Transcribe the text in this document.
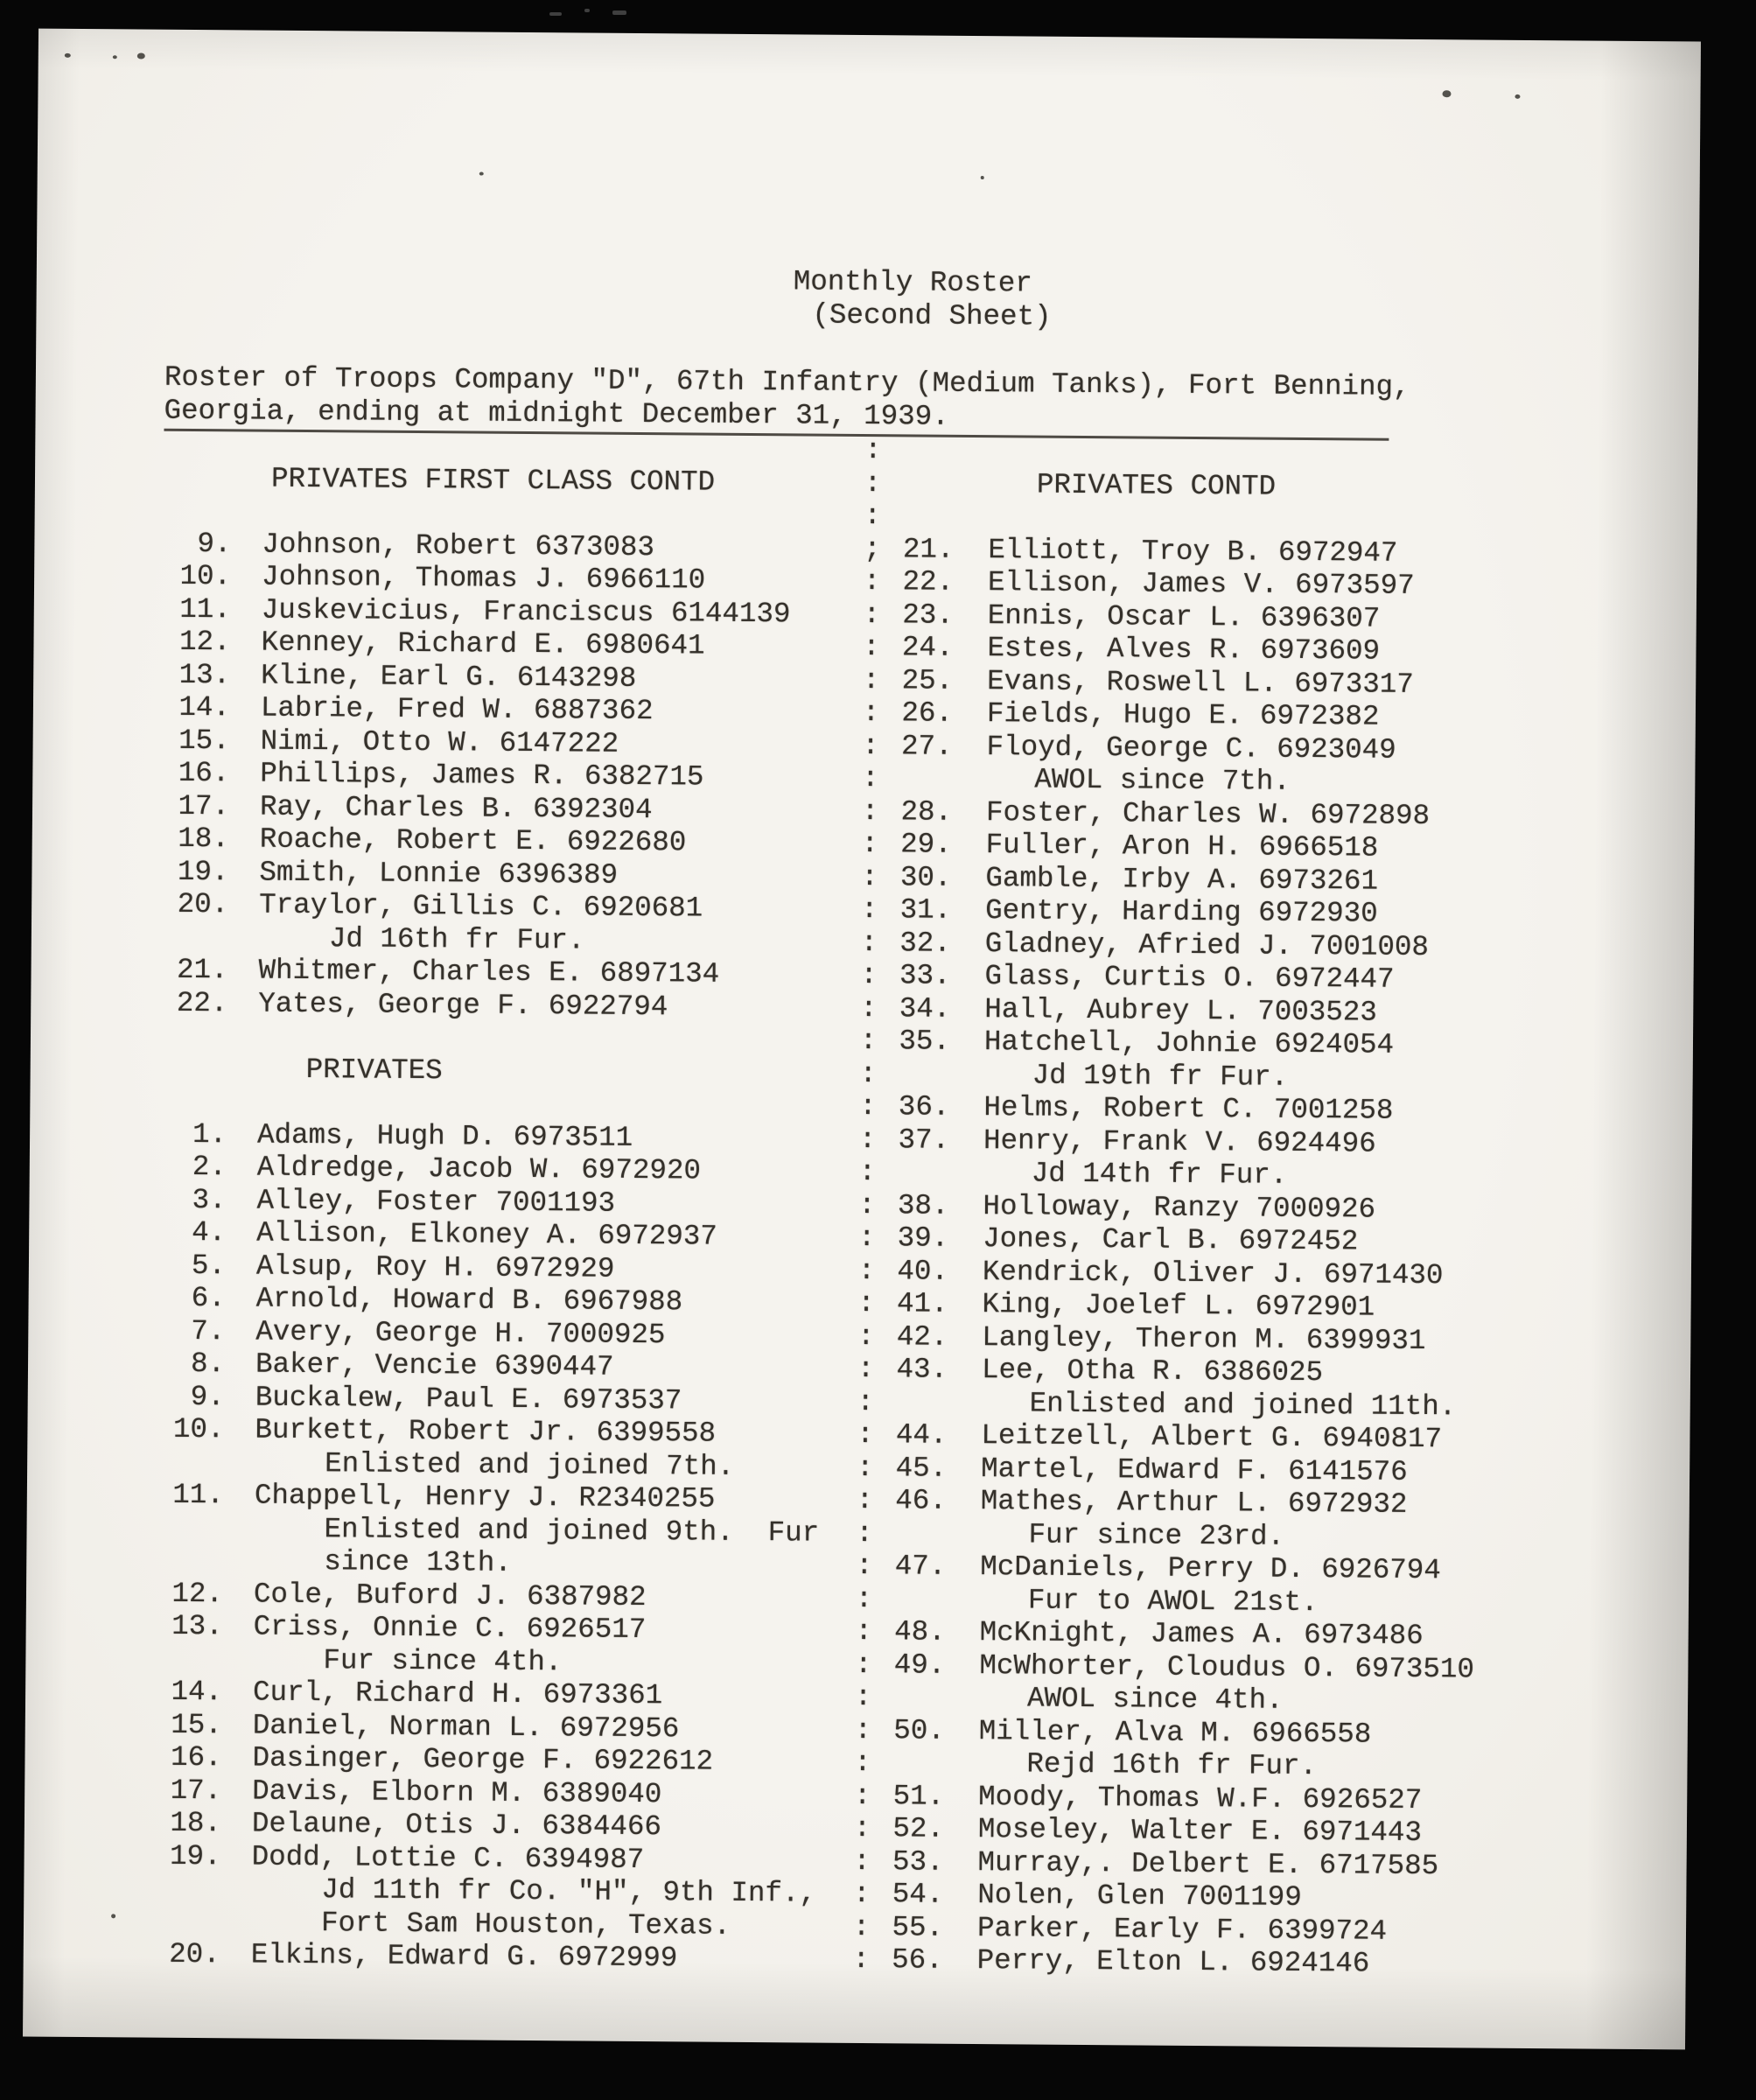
Monthly Roster
(Second Sheet)
Roster of Troops Company "D", 67th Infantry (Medium Tanks), Fort Benning,
Georgia, ending at midnight December 31, 1939.
:
PRIVATES FIRST CLASS CONTD	:	PRIVATES CONTD
:
9. Johnson, Robert 6373083	; 21. Elliott, Troy B. 6972947
10. Johnson, Thomas J. 6966110	: 22. Ellison, James V. 6973597
11. Juskevicius, Franciscus 6144139	: 23. Ennis, Oscar L. 6396307
12. Kenney, Richard E. 6980641	: 24. Estes, Alves R. 6973609
13. Kline, Earl G. 6143298	: 25. Evans, Roswell L. 6973317
14. Labrie, Fred W. 6887362	: 26. Fields, Hugo E. 6972382
15. Nimi, Otto W. 6147222	: 27. Floyd, George C. 6923049
16. Phillips, James R. 6382715	:	AWOL since 7th.
17. Ray, Charles B. 6392304	: 28. Foster, Charles W. 6972898
18. Roache, Robert E. 6922680	: 29. Fuller, Aron H. 6966518
19. Smith, Lonnie 6396389	: 30. Gamble, Irby A. 6973261
20. Traylor, Gillis C. 6920681	: 31. Gentry, Harding 6972930
Jd 16th fr Fur.	: 32. Gladney, Afried J. 7001008
21. Whitmer, Charles E. 6897134	: 33. Glass, Curtis O. 6972447
22. Yates, George F. 6922794	: 34. Hall, Aubrey L. 7003523
: 35. Hatchell, Johnie 6924054
PRIVATES	:	Jd 19th fr Fur.
: 36. Helms, Robert C. 7001258
1. Adams, Hugh D. 6973511	: 37. Henry, Frank V. 6924496
2. Aldredge, Jacob W. 6972920	:	Jd 14th fr Fur.
3. Alley, Foster 7001193	: 38. Holloway, Ranzy 7000926
4. Allison, Elkoney A. 6972937	: 39. Jones, Carl B. 6972452
5. Alsup, Roy H. 6972929	: 40. Kendrick, Oliver J. 6971430
6. Arnold, Howard B. 6967988	: 41. King, Joelef L. 6972901
7. Avery, George H. 7000925	: 42. Langley, Theron M. 6399931
8. Baker, Vencie 6390447	: 43. Lee, Otha R. 6386025
9. Buckalew, Paul E. 6973537	:	Enlisted and joined 11th.
10. Burkett, Robert Jr. 6399558	: 44. Leitzell, Albert G. 6940817
Enlisted and joined 7th.	: 45. Martel, Edward F. 6141576
11. Chappell, Henry J. R2340255	: 46. Mathes, Arthur L. 6972932
Enlisted and joined 9th.  Fur	:	Fur since 23rd.
since 13th.	: 47. McDaniels, Perry D. 6926794
12. Cole, Buford J. 6387982	:	Fur to AWOL 21st.
13. Criss, Onnie C. 6926517	: 48. McKnight, James A. 6973486
Fur since 4th.	: 49. McWhorter, Cloudus O. 6973510
14. Curl, Richard H. 6973361	:	AWOL since 4th.
15. Daniel, Norman L. 6972956	: 50. Miller, Alva M. 6966558
16. Dasinger, George F. 6922612	:	Rejd 16th fr Fur.
17. Davis, Elborn M. 6389040	: 51. Moody, Thomas W.F. 6926527
18. Delaune, Otis J. 6384466	: 52. Moseley, Walter E. 6971443
19. Dodd, Lottie C. 6394987	: 53. Murray,. Delbert E. 6717585
Jd 11th fr Co. "H", 9th Inf.,	: 54. Nolen, Glen 7001199
Fort Sam Houston, Texas.	: 55. Parker, Early F. 6399724
20. Elkins, Edward G. 6972999	: 56. Perry, Elton L. 6924146
